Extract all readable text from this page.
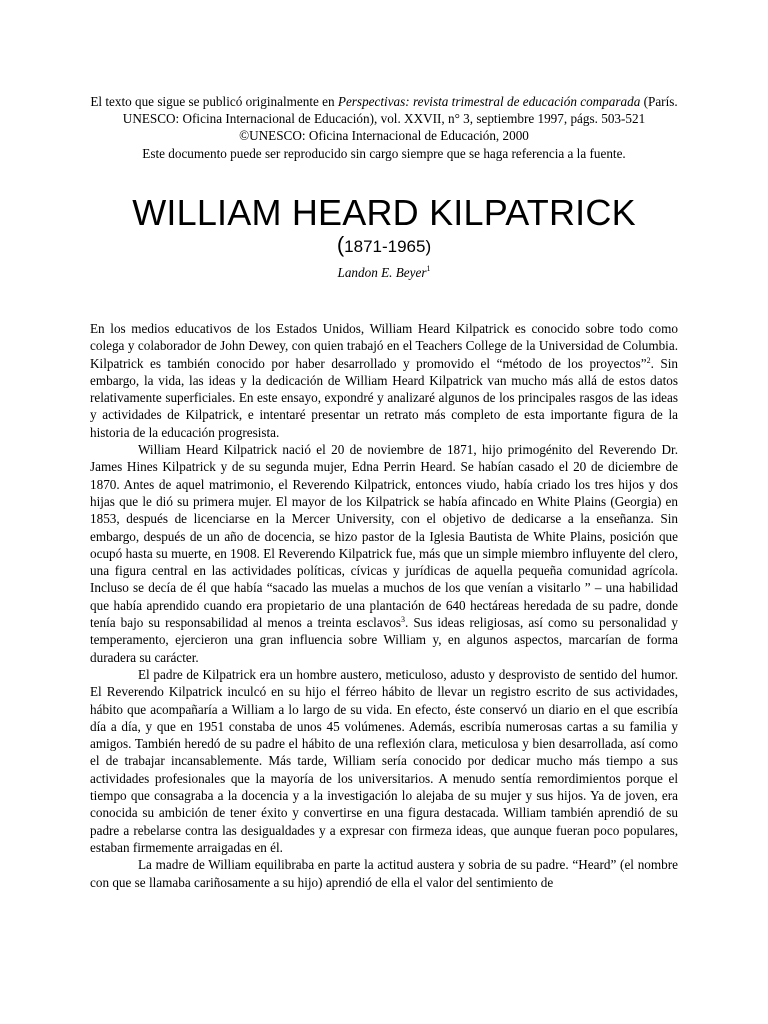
El texto que sigue se publicó originalmente en Perspectivas: revista trimestral de educación comparada (París. UNESCO: Oficina Internacional de Educación), vol. XXVII, n° 3, septiembre 1997, págs. 503-521
©UNESCO: Oficina Internacional de Educación, 2000
Este documento puede ser reproducido sin cargo siempre que se haga referencia a la fuente.
WILLIAM HEARD KILPATRICK
(1871-1965)
Landon E. Beyer$^1$

En los medios educativos de los Estados Unidos, William Heard Kilpatrick es conocido sobre todo como colega y colaborador de John Dewey, con quien trabajó en el Teachers College de la Universidad de Columbia. Kilpatrick es también conocido por haber desarrollado y promovido el “método de los proyectos”$^2$. Sin embargo, la vida, las ideas y la dedicación de William Heard Kilpatrick van mucho más allá de estos datos relativamente superficiales. En este ensayo, expondré y analizaré algunos de los principales rasgos de las ideas y actividades de Kilpatrick, e intentaré presentar un retrato más completo de esta importante figura de la historia de la educación progresista.

William Heard Kilpatrick nació el 20 de noviembre de 1871, hijo primogénito del Reverendo Dr. James Hines Kilpatrick y de su segunda mujer, Edna Perrin Heard. Se habían casado el 20 de diciembre de 1870. Antes de aquel matrimonio, el Reverendo Kilpatrick, entonces viudo, había criado los tres hijos y dos hijas que le dió su primera mujer. El mayor de los Kilpatrick se había afincado en White Plains (Georgia) en 1853, después de licenciarse en la Mercer University, con el objetivo de dedicarse a la enseñanza. Sin embargo, después de un año de docencia, se hizo pastor de la Iglesia Bautista de White Plains, posición que ocupó hasta su muerte, en 1908. El Reverendo Kilpatrick fue, más que un simple miembro influyente del clero, una figura central en las actividades políticas, cívicas y jurídicas de aquella pequeña comunidad agrícola. Incluso se decía de él que había “sacado las muelas a muchos de los que venían a visitarlo ” – una habilidad que había aprendido cuando era propietario de una plantación de 640 hectáreas heredada de su padre, donde tenía bajo su responsabilidad al menos a treinta esclavos$^3$. Sus ideas religiosas, así como su personalidad y temperamento, ejercieron una gran influencia sobre William y, en algunos aspectos, marcarían de forma duradera su carácter.

El padre de Kilpatrick era un hombre austero, meticuloso, adusto y desprovisto de sentido del humor. El Reverendo Kilpatrick inculcó en su hijo el férreo hábito de llevar un registro escrito de sus actividades, hábito que acompañaría a William a lo largo de su vida. En efecto, éste conservó un diario en el que escribía día a día, y que en 1951 constaba de unos 45 volúmenes. Además, escribía numerosas cartas a su familia y amigos. También heredó de su padre el hábito de una reflexión clara, meticulosa y bien desarrollada, así como el de trabajar incansablemente. Más tarde, William sería conocido por dedicar mucho más tiempo a sus actividades profesionales que la mayoría de los universitarios. A menudo sentía remordimientos porque el tiempo que consagraba a la docencia y a la investigación lo alejaba de su mujer y sus hijos. Ya de joven, era conocida su ambición de tener éxito y convertirse en una figura destacada. William también aprendió de su padre a rebelarse contra las desigualdades y a expresar con firmeza ideas, que aunque fueran poco populares, estaban firmemente arraigadas en él.

La madre de William equilibraba en parte la actitud austera y sobria de su padre. “Heard” (el nombre con que se llamaba cariñosamente a su hijo) aprendió de ella el valor del sentimiento de
